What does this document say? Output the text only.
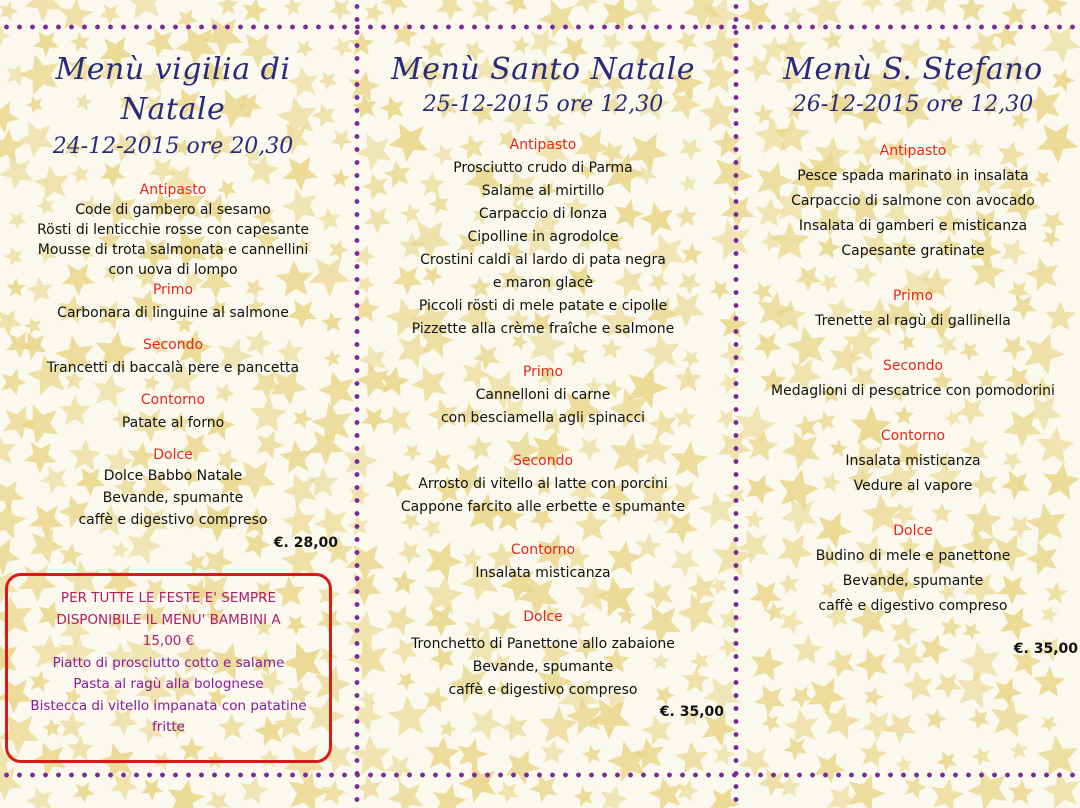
Menù vigilia di
Natale
24-12-2015 ore 20,30
Antipasto
Code di gambero al sesamo
Rösti di lenticchie rosse con capesante
Mousse di trota salmonata e cannellini
con uova di lompo
Primo
Carbonara di linguine al salmone
Secondo
Trancetti di baccalà pere e pancetta
Contorno
Patate al forno
Dolce
Dolce Babbo Natale
Bevande, spumante
caffè e digestivo compreso
€. 28,00
PER TUTTE LE FESTE E' SEMPRE
DISPONIBILE IL MENU' BAMBINI A
15,00 €
Piatto di prosciutto cotto e salame
Pasta al ragù alla bolognese
Bistecca di vitello impanata con patatine
fritte
Menù Santo Natale
25-12-2015 ore 12,30
Antipasto
Prosciutto crudo di Parma
Salame al mirtillo
Carpaccio di lonza
Cipolline in agrodolce
Crostini caldi al lardo di pata negra
e maron glacè
Piccoli rösti di mele patate e cipolle
Pizzette alla crème fraîche e salmone
Primo
Cannelloni di carne
con besciamella agli spinacci
Secondo
Arrosto di vitello al latte con porcini
Cappone farcito alle erbette e spumante
Contorno
Insalata misticanza
Dolce
Tronchetto di Panettone allo zabaione
Bevande, spumante
caffè e digestivo compreso
€. 35,00
Menù S. Stefano
26-12-2015 ore 12,30
Antipasto
Pesce spada marinato in insalata
Carpaccio di salmone con avocado
Insalata di gamberi e misticanza
Capesante gratinate
Primo
Trenette al ragù di gallinella
Secondo
Medaglioni di pescatrice con pomodorini
Contorno
Insalata misticanza
Vedure al vapore
Dolce
Budino di mele e panettone
Bevande, spumante
caffè e digestivo compreso
€. 35,00
